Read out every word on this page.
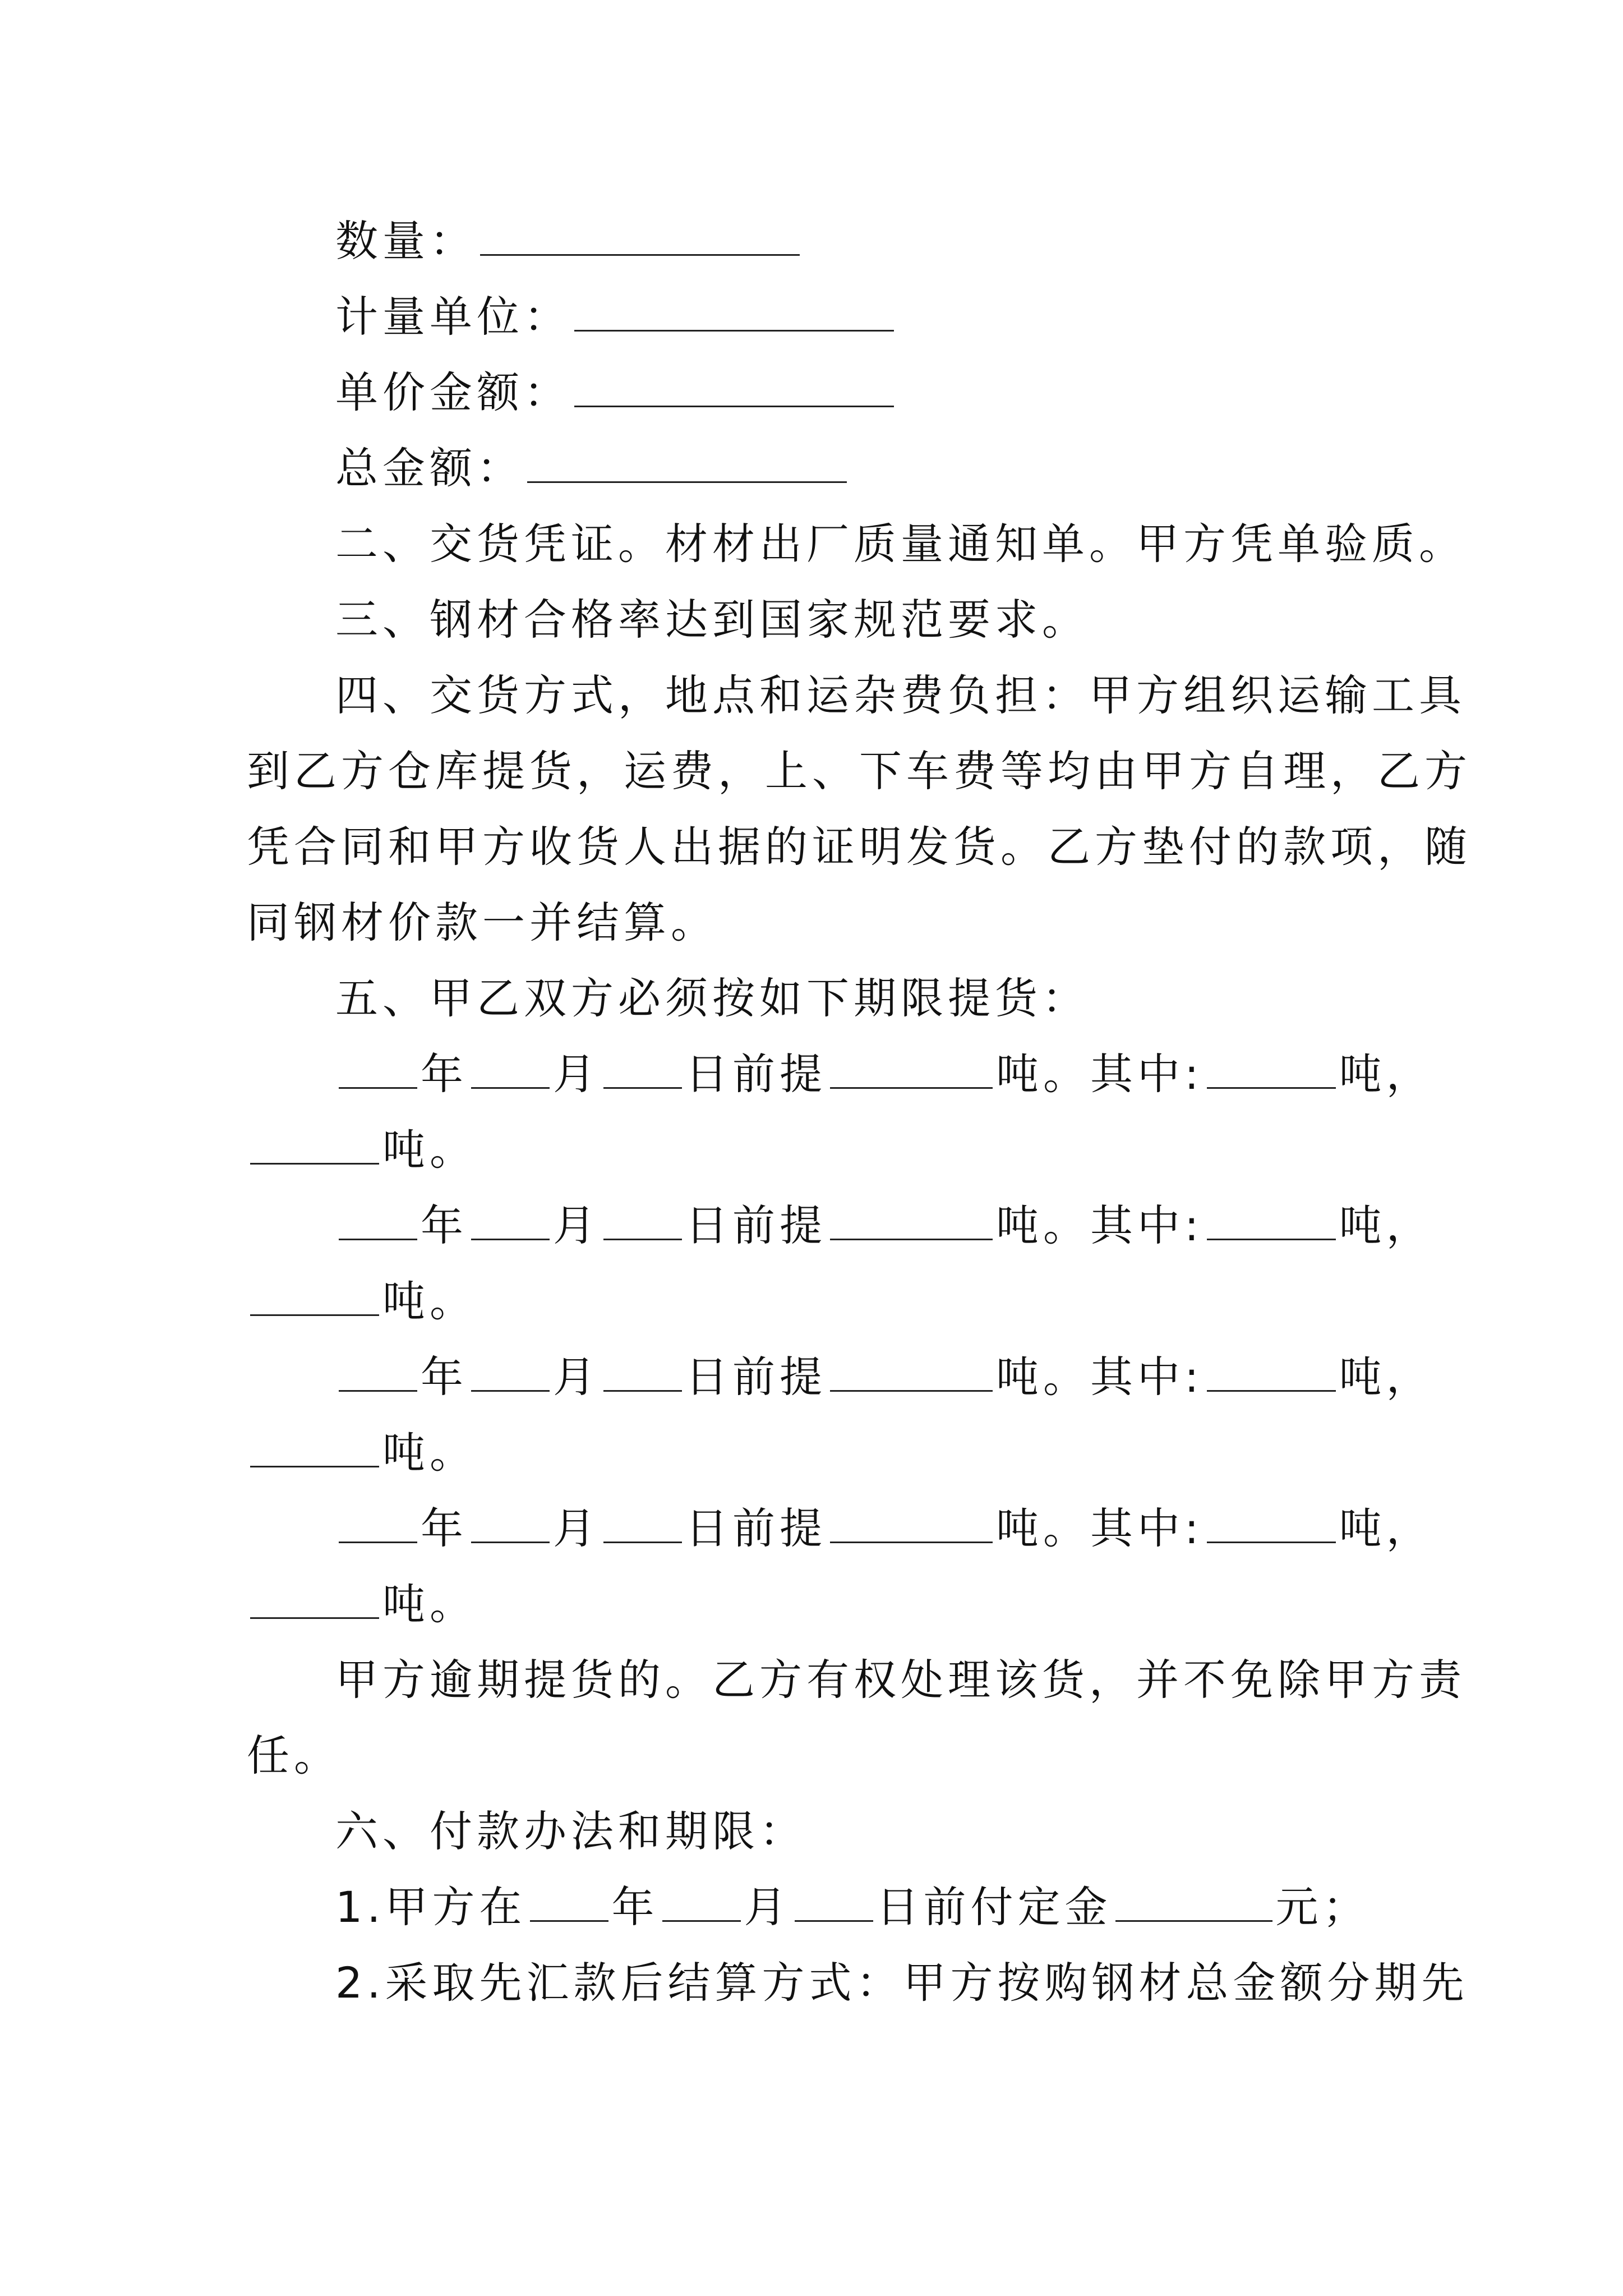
数量：
计量单位：
单价金额：
总金额：
二、交货凭证。材材出厂质量通知单。甲方凭单验质。
三、钢材合格率达到国家规范要求。
四、交货方式，地点和运杂费负担：甲方组织运输工具
到乙方仓库提货，运费，上、下车费等均由甲方自理，乙方
凭合同和甲方收货人出据的证明发货。乙方垫付的款项，随
同钢材价款一并结算。
五、甲乙双方必须按如下期限提货：
年 月 日前提	吨。其中:	吨，
吨。
年 月 日前提	吨。其中:	吨，
吨。
年 月 日前提	吨。其中:	吨，
吨。
年 月 日前提	吨。其中:	吨，
吨。
甲方逾期提货的。乙方有权处理该货，并不免除甲方责
任。
六、付款办法和期限：
1.甲方在 年 月 日前付定金	元；
2.采取先汇款后结算方式：甲方按购钢材总金额分期先
